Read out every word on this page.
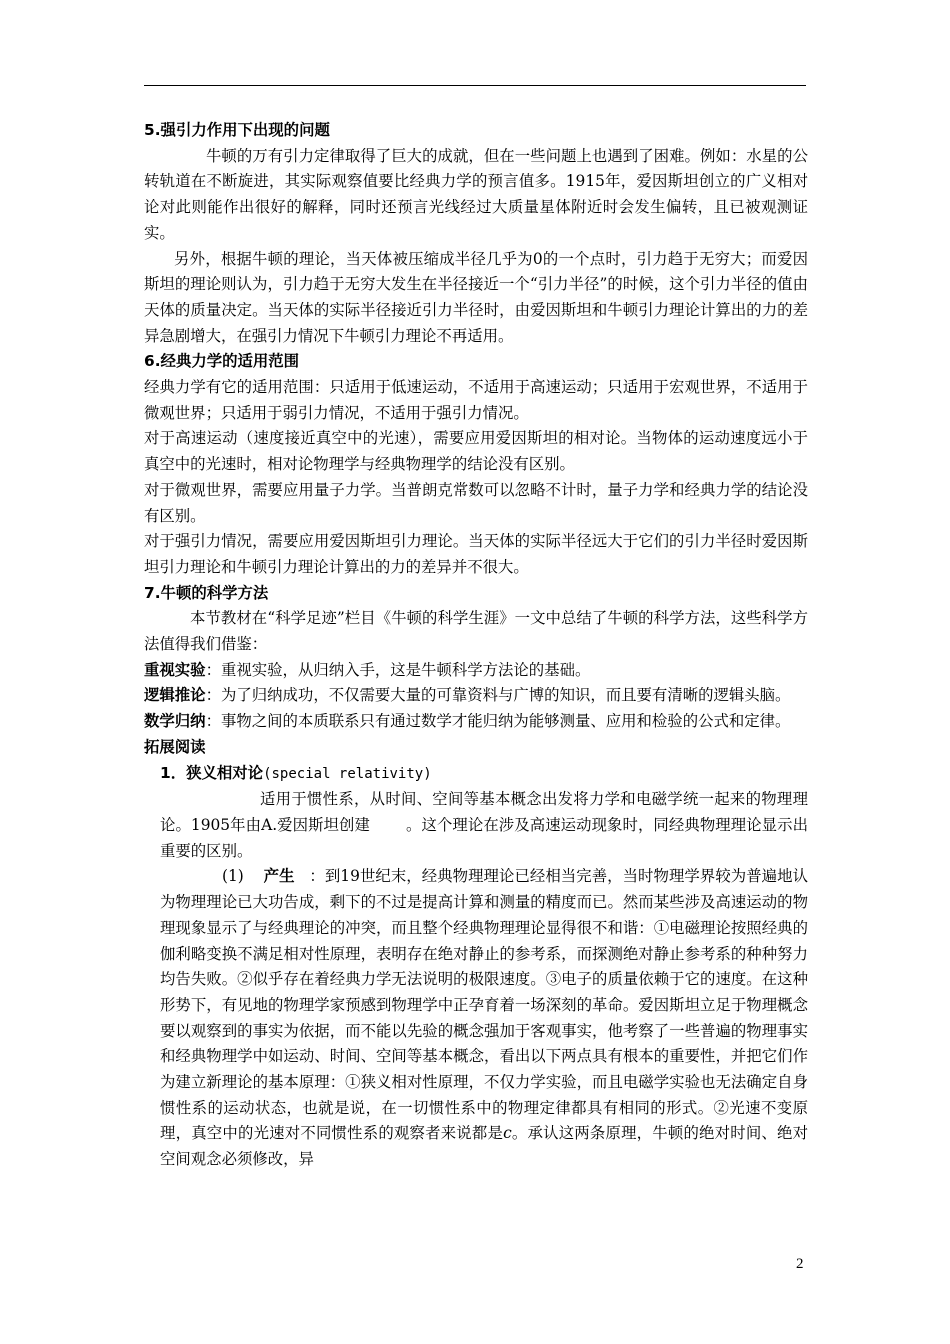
5.强引力作用下出现的问题

牛顿的万有引力定律取得了巨大的成就，但在一些问题上也遇到了困难。例如：水星的公转轨道在不断旋进，其实际观察值要比经典力学的预言值多。1915年，爱因斯坦创立的广义相对论对此则能作出很好的解释，同时还预言光线经过大质量星体附近时会发生偏转，且已被观测证实。

另外，根据牛顿的理论，当天体被压缩成半径几乎为0的一个点时，引力趋于无穷大；而爱因斯坦的理论则认为，引力趋于无穷大发生在半径接近一个“引力半径”的时候，这个引力半径的值由天体的质量决定。当天体的实际半径接近引力半径时，由爱因斯坦和牛顿引力理论计算出的力的差异急剧增大，在强引力情况下牛顿引力理论不再适用。

6.经典力学的适用范围

经典力学有它的适用范围：只适用于低速运动，不适用于高速运动；只适用于宏观世界，不适用于微观世界；只适用于弱引力情况，不适用于强引力情况。

对于高速运动（速度接近真空中的光速），需要应用爱因斯坦的相对论。当物体的运动速度远小于真空中的光速时，相对论物理学与经典物理学的结论没有区别。

对于微观世界，需要应用量子力学。当普朗克常数可以忽略不计时，量子力学和经典力学的结论没有区别。

对于强引力情况，需要应用爱因斯坦引力理论。当天体的实际半径远大于它们的引力半径时爱因斯坦引力理论和牛顿引力理论计算出的力的差异并不很大。

7.牛顿的科学方法

本节教材在“科学足迹”栏目《牛顿的科学生涯》一文中总结了牛顿的科学方法，这些科学方法值得我们借鉴：

重视实验：重视实验，从归纳入手，这是牛顿科学方法论的基础。

逻辑推论：为了归纳成功，不仅需要大量的可靠资料与广博的知识，而且要有清晰的逻辑头脑。

数学归纳：事物之间的本质联系只有通过数学才能归纳为能够测量、应用和检验的公式和定律。

拓展阅读

1．狭义相对论(special relativity)

适用于惯性系，从时间、空间等基本概念出发将力学和电磁学统一起来的物理理论。1905年由A.爱因斯坦创建 。这个理论在涉及高速运动现象时，同经典物理理论显示出重要的区别。

(1) 产生 ：到19世纪末，经典物理理论已经相当完善，当时物理学界较为普遍地认为物理理论已大功告成，剩下的不过是提高计算和测量的精度而已。然而某些涉及高速运动的物理现象显示了与经典理论的冲突，而且整个经典物理理论显得很不和谐：①电磁理论按照经典的伽利略变换不满足相对性原理，表明存在绝对静止的参考系，而探测绝对静止参考系的种种努力均告失败。②似乎存在着经典力学无法说明的极限速度。③电子的质量依赖于它的速度。在这种形势下，有见地的物理学家预感到物理学中正孕育着一场深刻的革命。爱因斯坦立足于物理概念要以观察到的事实为依据，而不能以先验的概念强加于客观事实，他考察了一些普遍的物理事实和经典物理学中如运动、时间、空间等基本概念，看出以下两点具有根本的重要性，并把它们作为建立新理论的基本原理：①狭义相对性原理，不仅力学实验，而且电磁学实验也无法确定自身惯性系的运动状态，也就是说，在一切惯性系中的物理定律都具有相同的形式。②光速不变原理，真空中的光速对不同惯性系的观察者来说都是c。承认这两条原理，牛顿的绝对时间、绝对空间观念必须修改，异

2
